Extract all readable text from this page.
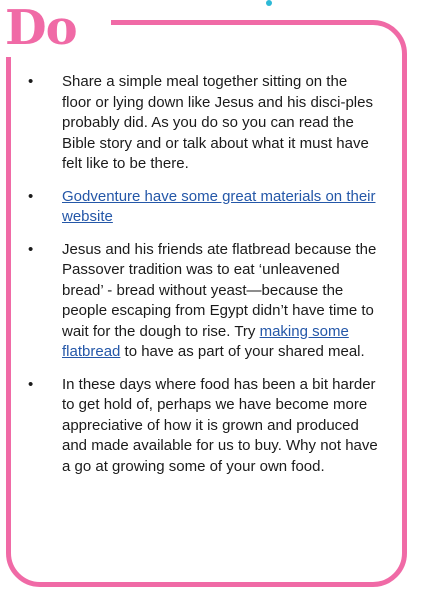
Do
• Share a simple meal together sitting on the floor or lying down like Jesus and his disci-ples probably did. As you do so you can read the Bible story and or talk about what it must have felt like to be there.
• Godventure have some great materials on their website
• Jesus and his friends ate flatbread because the Passover tradition was to eat ‘unleavened bread’ - bread without yeast—because the people escaping from Egypt didn’t have time to wait for the dough to rise. Try making some flatbread to have as part of your shared meal.
• In these days where food has been a bit harder to get hold of, perhaps we have become more appreciative of how it is grown and produced and made available for us to buy. Why not have a go at growing some of your own food.
